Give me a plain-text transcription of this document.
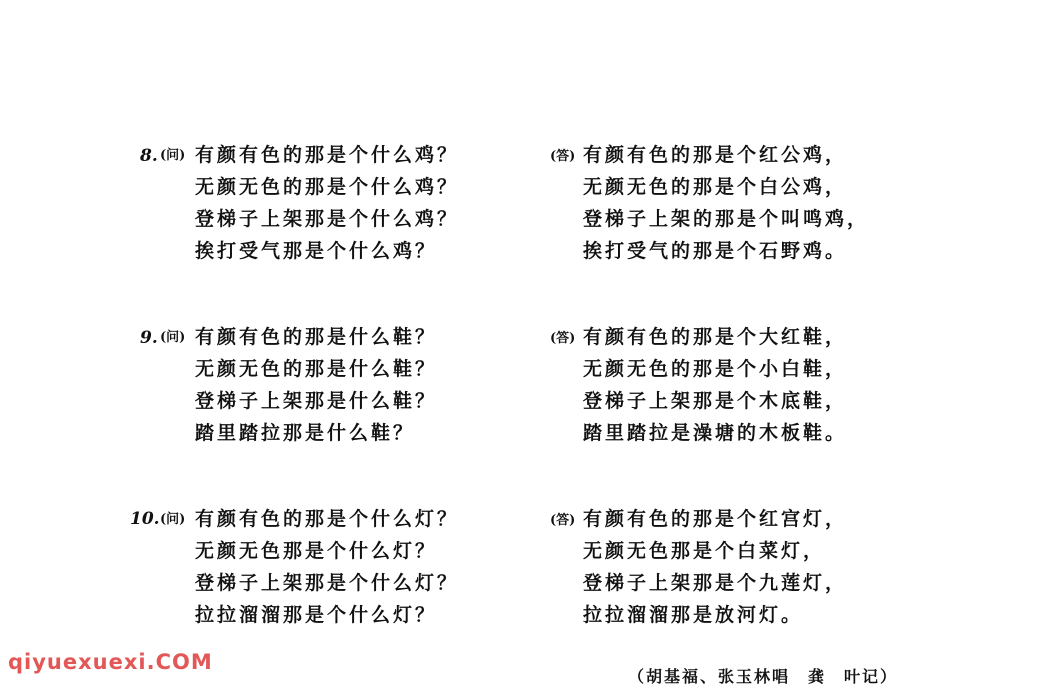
8. (问) 有颜有色的那是个什么鸡？
无颜无色的那是个什么鸡？
登梯子上架那是个什么鸡？
挨打受气那是个什么鸡？
(答) 有颜有色的那是个红公鸡，
无颜无色的那是个白公鸡，
登梯子上架的那是个叫鸣鸡，
挨打受气的那是个石野鸡。
9. (问) 有颜有色的那是什么鞋？
无颜无色的那是什么鞋？
登梯子上架那是什么鞋？
踏里踏拉那是什么鞋？
(答) 有颜有色的那是个大红鞋，
无颜无色的那是个小白鞋，
登梯子上架那是个木底鞋，
踏里踏拉是澡塘的木板鞋。
10. (问) 有颜有色的那是个什么灯？
无颜无色那是个什么灯？
登梯子上架那是个什么灯？
拉拉溜溜那是个什么灯？
(答) 有颜有色的那是个红宫灯，
无颜无色那是个白菜灯，
登梯子上架那是个九莲灯，
拉拉溜溜那是放河灯。
（胡基福、张玉林唱　龚　叶记）
qiyuexuexi.COM
